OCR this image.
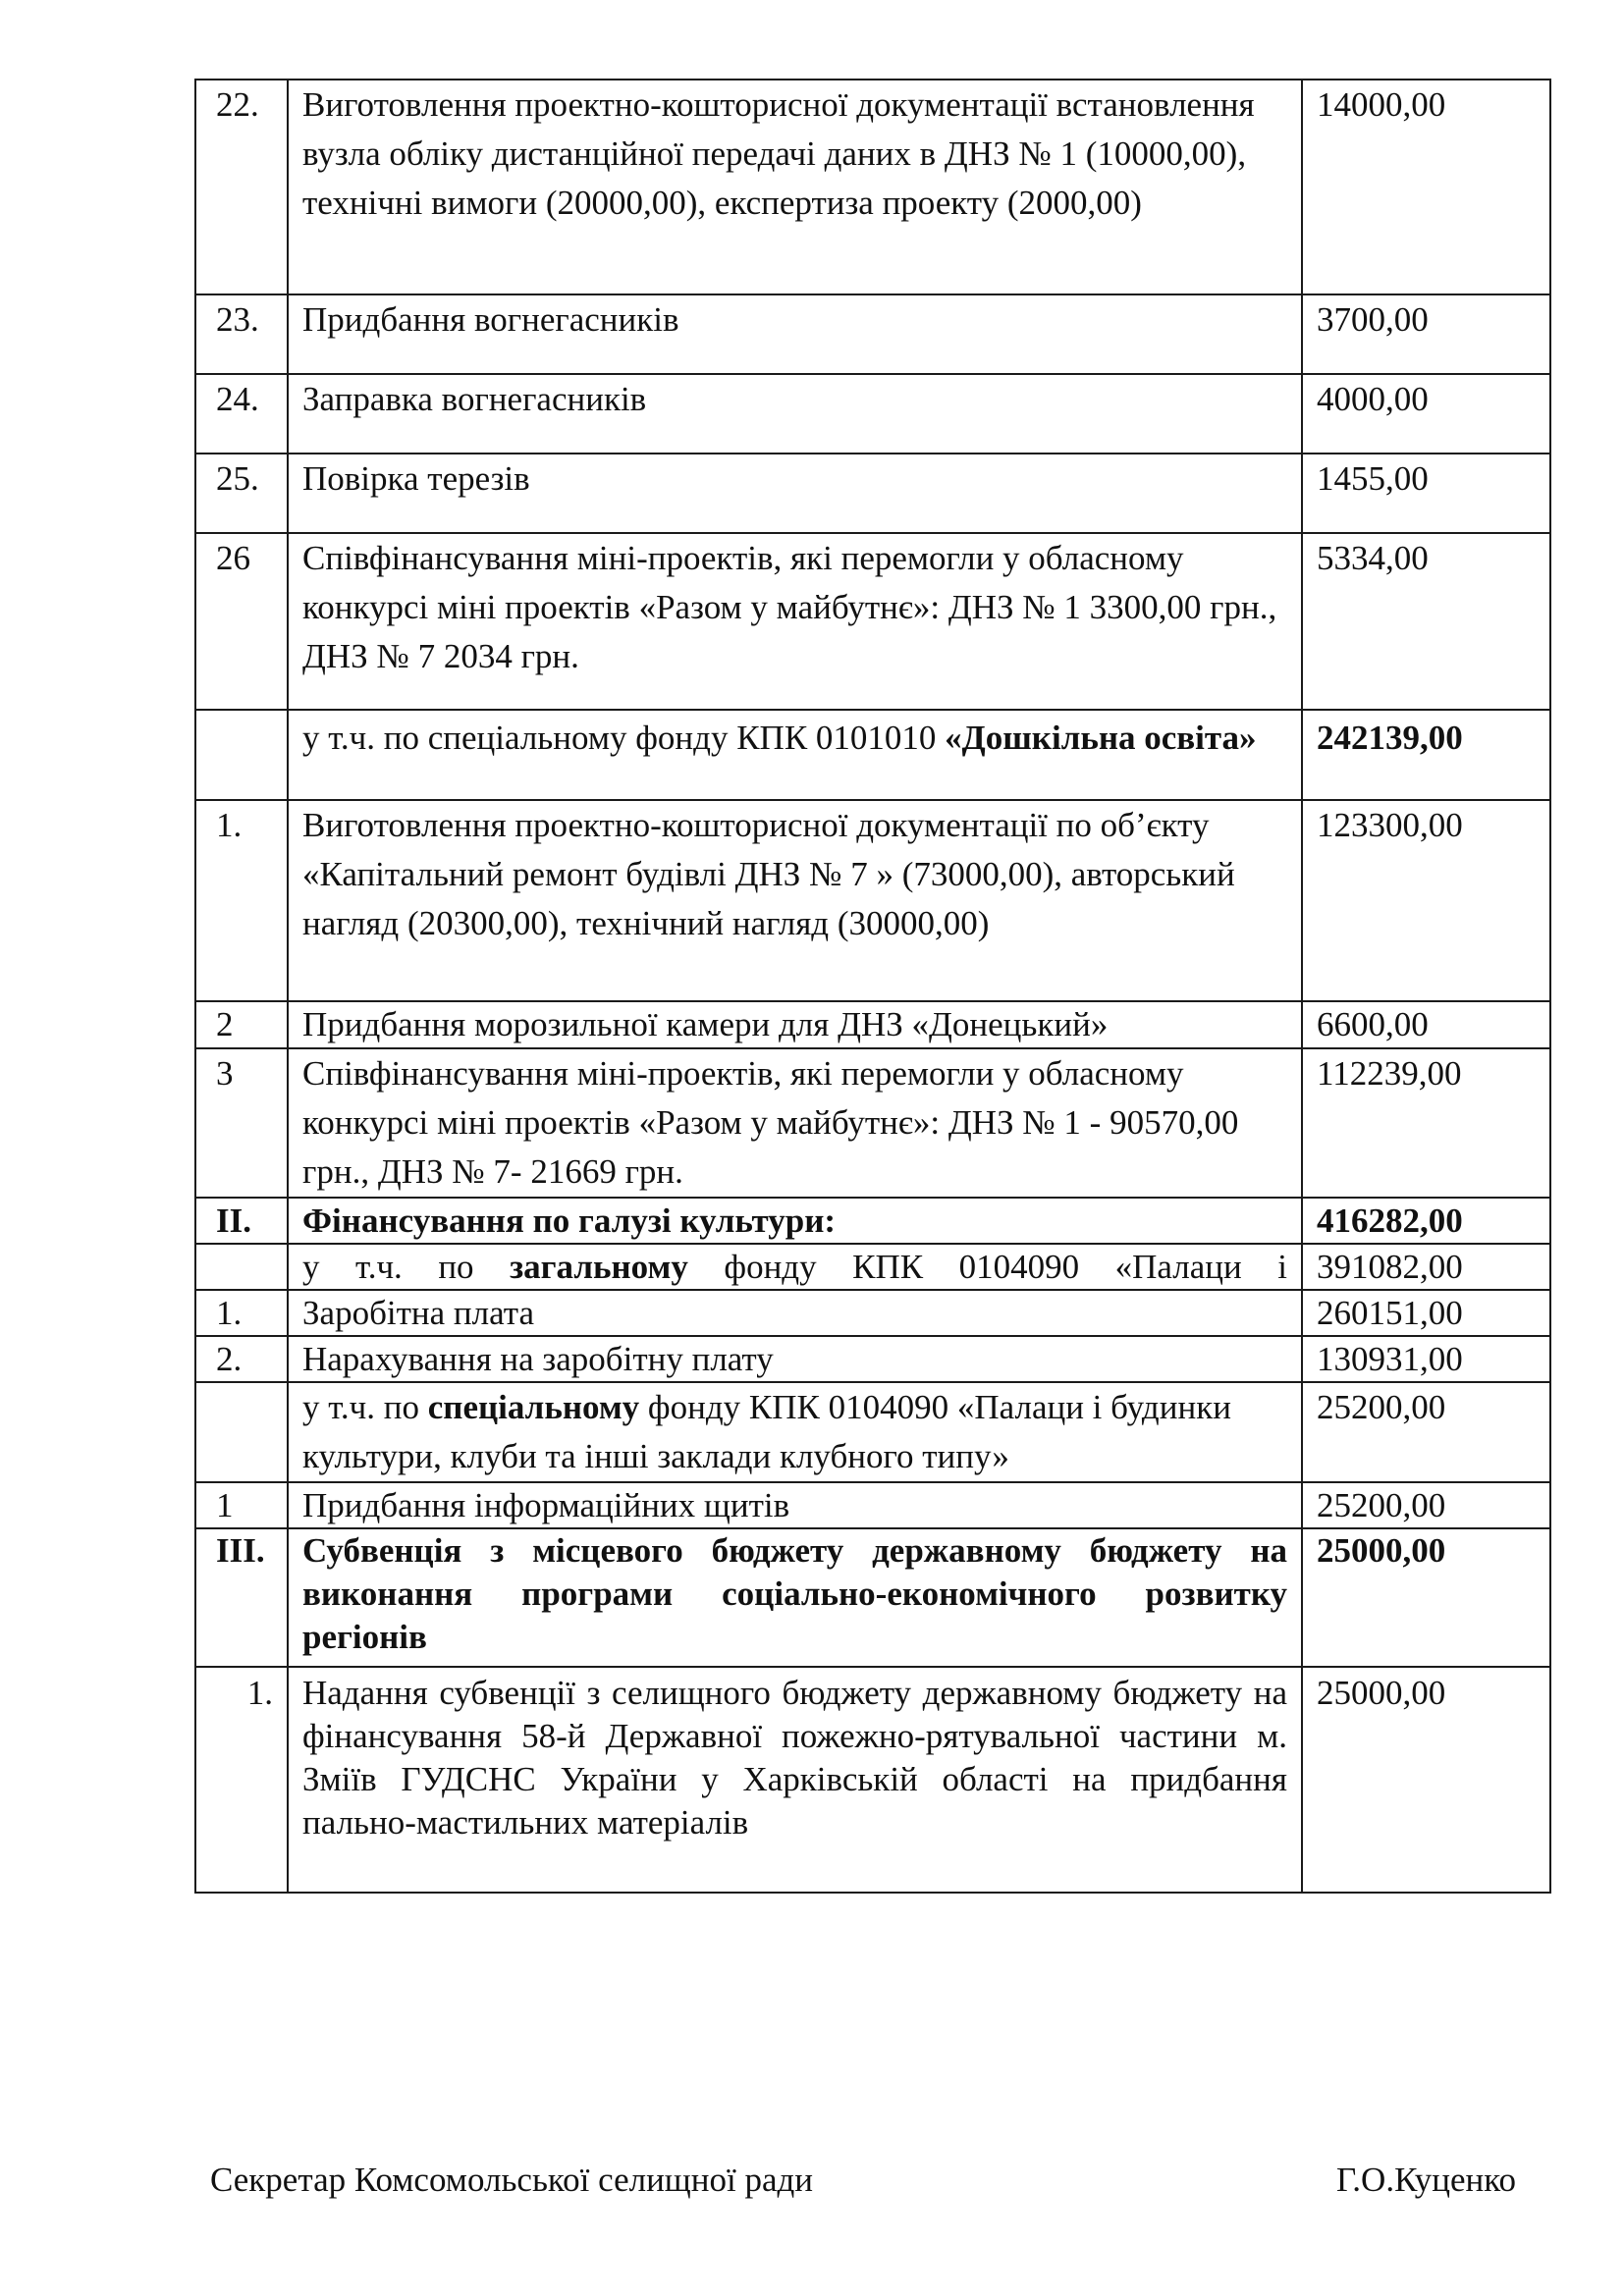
22.	Виготовлення проектно-кошторисної документації встановлення вузла обліку дистанційної передачі даних в ДНЗ № 1 (10000,00), технічні вимоги (20000,00), експертиза проекту (2000,00)	14000,00
23.	Придбання вогнегасників	3700,00
24.	Заправка вогнегасників	4000,00
25.	Повірка терезів	1455,00
26	Співфінансування міні-проектів, які перемогли у обласному конкурсі міні проектів «Разом у майбутнє»: ДНЗ № 1 3300,00 грн., ДНЗ № 7 2034 грн.	5334,00
	у т.ч. по спеціальному фонду КПК 0101010 «Дошкільна освіта»	242139,00
1.	Виготовлення проектно-кошторисної документації по об’єкту «Капітальний ремонт будівлі ДНЗ № 7 » (73000,00), авторський нагляд (20300,00), технічний нагляд (30000,00)	123300,00
2	Придбання морозильної камери для ДНЗ «Донецький»	6600,00
3	Співфінансування міні-проектів, які перемогли у обласному конкурсі міні проектів «Разом у майбутнє»: ДНЗ № 1 - 90570,00 грн., ДНЗ № 7- 21669 грн.	112239,00
II.	Фінансування по галузі культури:	416282,00
	у т.ч. по загальному фонду КПК 0104090 «Палаци і	391082,00
1.	Заробітна плата	260151,00
2.	Нарахування на заробітну плату	130931,00
	у т.ч. по спеціальному фонду КПК 0104090 «Палаци і будинки культури, клуби та інші заклади клубного типу»	25200,00
1	Придбання інформаційних щитів	25200,00
III.	Субвенція з місцевого бюджету державному бюджету на виконання програми соціально-економічного розвитку регіонів	25000,00
1.	Надання субвенції з селищного бюджету державному бюджету на фінансування 58-й Державної пожежно-рятувальної частини м. Зміїв ГУДСНС України у Харківській області на придбання пально-мастильних матеріалів	25000,00
Секретар Комсомольської селищної ради	Г.О.Куценко
